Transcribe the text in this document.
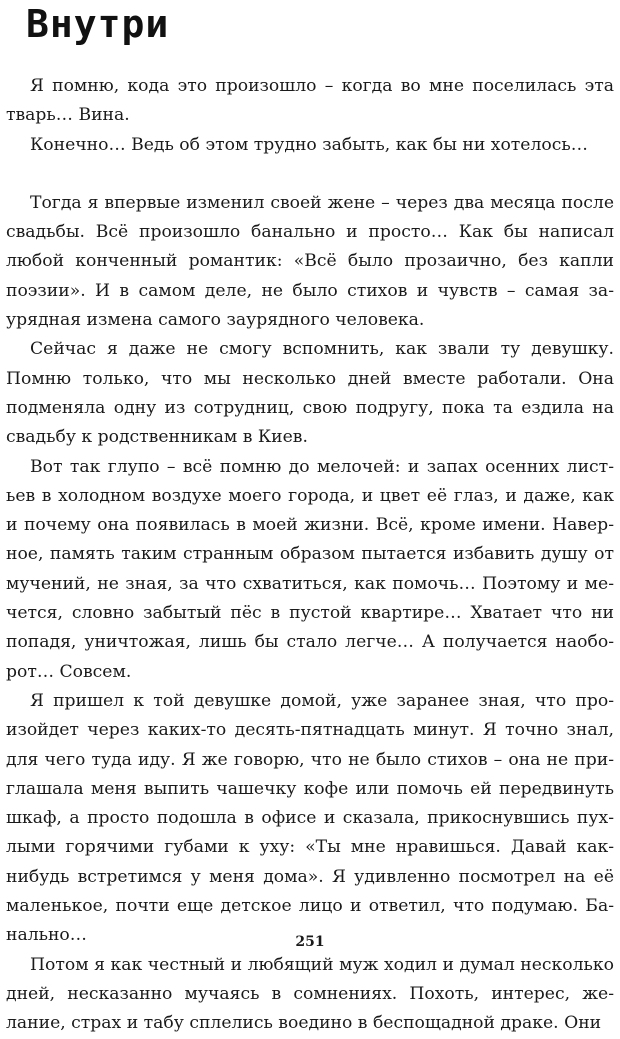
Внутри

Я помню, кода это произошло – когда во мне поселилась эта тварь… Вина.

Конечно… Ведь об этом трудно забыть, как бы ни хотелось…

Тогда я впервые изменил своей жене – через два месяца после свадьбы. Всё произошло банально и просто… Как бы написал любой конченный романтик: «Всё было прозаично, без капли поэзии». И в самом деле, не было стихов и чувств – самая заурядная измена самого заурядного человека.

Сейчас я даже не смогу вспомнить, как звали ту девушку. Помню только, что мы несколько дней вместе работали. Она подменяла одну из сотрудниц, свою подругу, пока та ездила на свадьбу к родственникам в Киев.

Вот так глупо – всё помню до мелочей: и запах осенних листьев в холодном воздухе моего города, и цвет её глаз, и даже, как и почему она появилась в моей жизни. Всё, кроме имени. Наверное, память таким странным образом пытается избавить душу от мучений, не зная, за что схватиться, как помочь… Поэтому и мечется, словно забытый пёс в пустой квартире… Хватает что ни попадя, уничтожая, лишь бы стало легче… А получается наоборот… Совсем.

Я пришел к той девушке домой, уже заранее зная, что произойдет через каких-то десять-пятнадцать минут. Я точно знал, для чего туда иду. Я же говорю, что не было стихов – она не приглашала меня выпить чашечку кофе или помочь ей передвинуть шкаф, а просто подошла в офисе и сказала, прикоснувшись пухлыми горячими губами к уху: «Ты мне нравишься. Давай какнибудь встретимся у меня дома». Я удивленно посмотрел на её маленькое, почти еще детское лицо и ответил, что подумаю. Банально…

Потом я как честный и любящий муж ходил и думал несколько дней, несказанно мучаясь в сомнениях. Похоть, интерес, желание, страх и табу сплелись воедино в беспощадной драке. Они

251
